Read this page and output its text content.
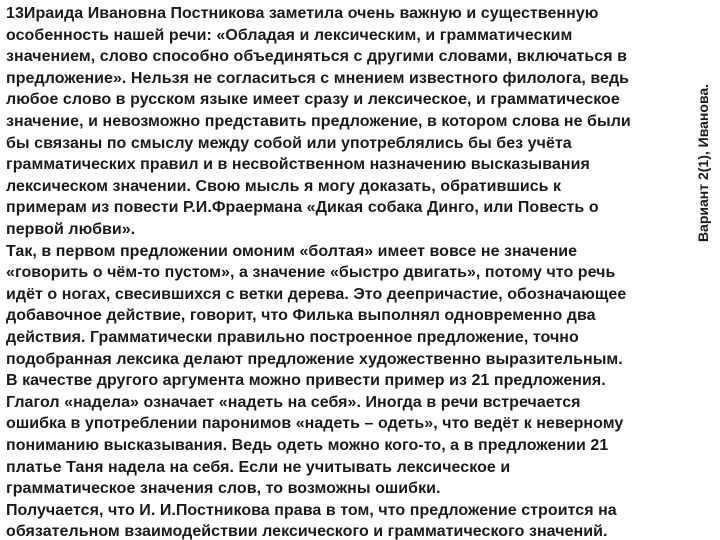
Вариант 2(1), Иванова.
13Ираида Ивановна Постникова заметила очень важную и существенную
особенность нашей речи: «Обладая и лексическим, и грамматическим
значением, слово способно объединяться с другими словами, включаться в
предложение». Нельзя не согласиться с мнением известного филолога, ведь
любое слово в русском языке имеет сразу и лексическое, и грамматическое
значение, и невозможно представить предложение, в котором слова не были
бы связаны по смыслу между собой или употреблялись бы без учёта
грамматических правил и в несвойственном назначению высказывания
лексическом значении. Свою мысль я могу доказать, обратившись к
примерам из повести Р.И.Фраермана «Дикая собака Динго, или Повесть о
первой любви».
Так, в первом предложении омоним «болтая» имеет вовсе не значение
«говорить о чём-то пустом», а значение «быстро двигать», потому что речь
идёт о ногах, свесившихся с ветки дерева. Это деепричастие, обозначающее
добавочное действие, говорит, что Филька выполнял одновременно два
действия. Грамматически правильно построенное предложение, точно
подобранная лексика делают предложение художественно выразительным.
В качестве другого аргумента можно привести пример из 21 предложения.
Глагол «надела» означает «надеть на себя». Иногда в речи встречается
ошибка в употреблении паронимов «надеть – одеть», что ведёт к неверному
пониманию высказывания. Ведь одеть можно кого-то, а в предложении 21
платье Таня надела на себя. Если не учитывать лексическое и
грамматическое значения слов, то возможны ошибки.
Получается, что И. И.Постникова права в том, что предложение строится на
обязательном взаимодействии лексического и грамматического значений.
